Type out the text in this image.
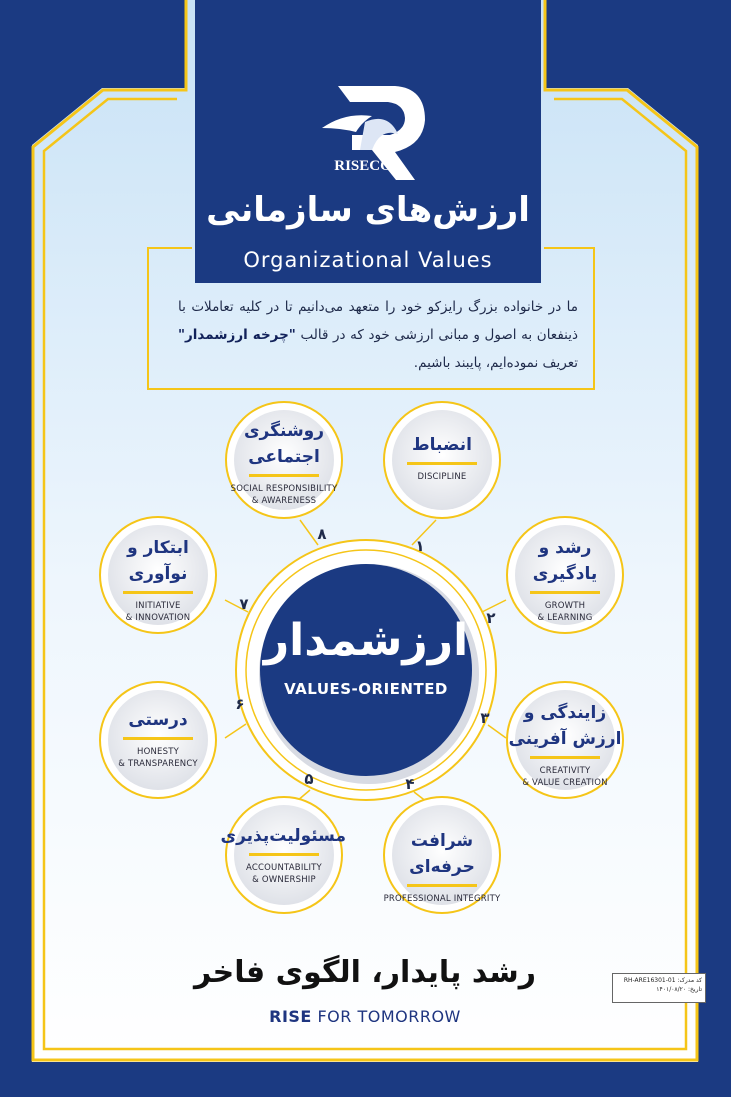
RISECO
ارزش‌های سازمانی
Organizational Values
ما در خانواده بزرگ رایزکو خود را متعهد می‌دانیم تا در کلیه تعاملات با ذینفعان به اصول و مبانی ارزشی خود که در قالب "چرخه ارزشمدار" تعریف نموده‌ایم، پایبند باشیم.
ارزشمدار
VALUES-ORIENTED
انضباط
DISCIPLINE
رشد و
یادگیری
GROWTH
& LEARNING
زایندگی و
ارزش آفرینی
CREATIVITY
& VALUE CREATION
شرافت حرفه‌ای
PROFESSIONAL INTEGRITY
مسئولیت‌پذیری
ACCOUNTABILITY
& OWNERSHIP
درستی
HONESTY
& TRANSPARENCY
ابتکار و
نوآوری
INITIATIVE
& INNOVATION
روشنگری
اجتماعی
SOCIAL RESPONSIBILITY
& AWARENESS
۱
۲
۳
۴
۵
۶
۷
۸
رشد پایدار، الگوی فاخر
RISE FOR TOMORROW
کد مدرک: RH-ARE16301-01
تاریخ: ۱۴۰۱/۰۸/۲۰
